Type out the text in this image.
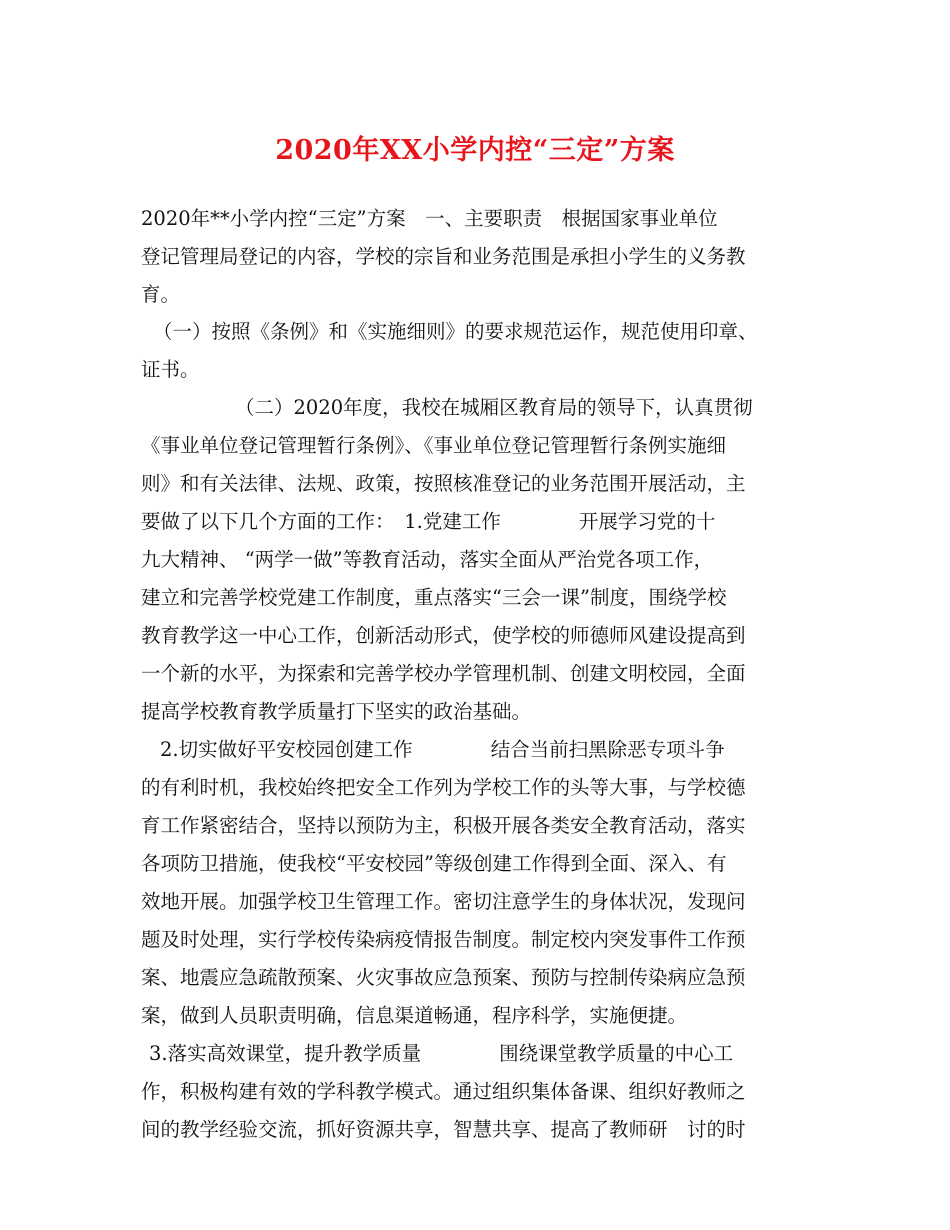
2020年XX小学内控“三定”方案
2020年**小学内控“三定”方案　一、主要职责　根据国家事业单位
登记管理局登记的内容，学校的宗旨和业务范围是承担小学生的义务教
育。
（一）按照《条例》和《实施细则》的要求规范运作，规范使用印章、
证书。
（二）2020年度，我校在城厢区教育局的领导下，认真贯彻
《事业单位登记管理暂行条例》、《事业单位登记管理暂行条例实施细
则》和有关法律、法规、政策，按照核准登记的业务范围开展活动，主
要做了以下几个方面的工作：　1.党建工作　　　　开展学习党的十
九大精神、 “两学一做”等教育活动，落实全面从严治党各项工作，
建立和完善学校党建工作制度，重点落实“三会一课”制度，围绕学校
教育教学这一中心工作，创新活动形式，使学校的师德师风建设提高到
一个新的水平，为探索和完善学校办学管理机制、创建文明校园，全面
提高学校教育教学质量打下坚实的政治基础。
2.切实做好平安校园创建工作　　　　结合当前扫黑除恶专项斗争
的有利时机，我校始终把安全工作列为学校工作的头等大事，与学校德
育工作紧密结合，坚持以预防为主，积极开展各类安全教育活动，落实
各项防卫措施，使我校“平安校园”等级创建工作得到全面、深入、有
效地开展。加强学校卫生管理工作。密切注意学生的身体状况，发现问
题及时处理，实行学校传染病疫情报告制度。制定校内突发事件工作预
案、地震应急疏散预案、火灾事故应急预案、预防与控制传染病应急预
案，做到人员职责明确，信息渠道畅通，程序科学，实施便捷。
3.落实高效课堂，提升教学质量　　　　围绕课堂教学质量的中心工
作，积极构建有效的学科教学模式。通过组织集体备课、组织好教师之
间的教学经验交流，抓好资源共享，智慧共享、提高了教师研　讨的时
